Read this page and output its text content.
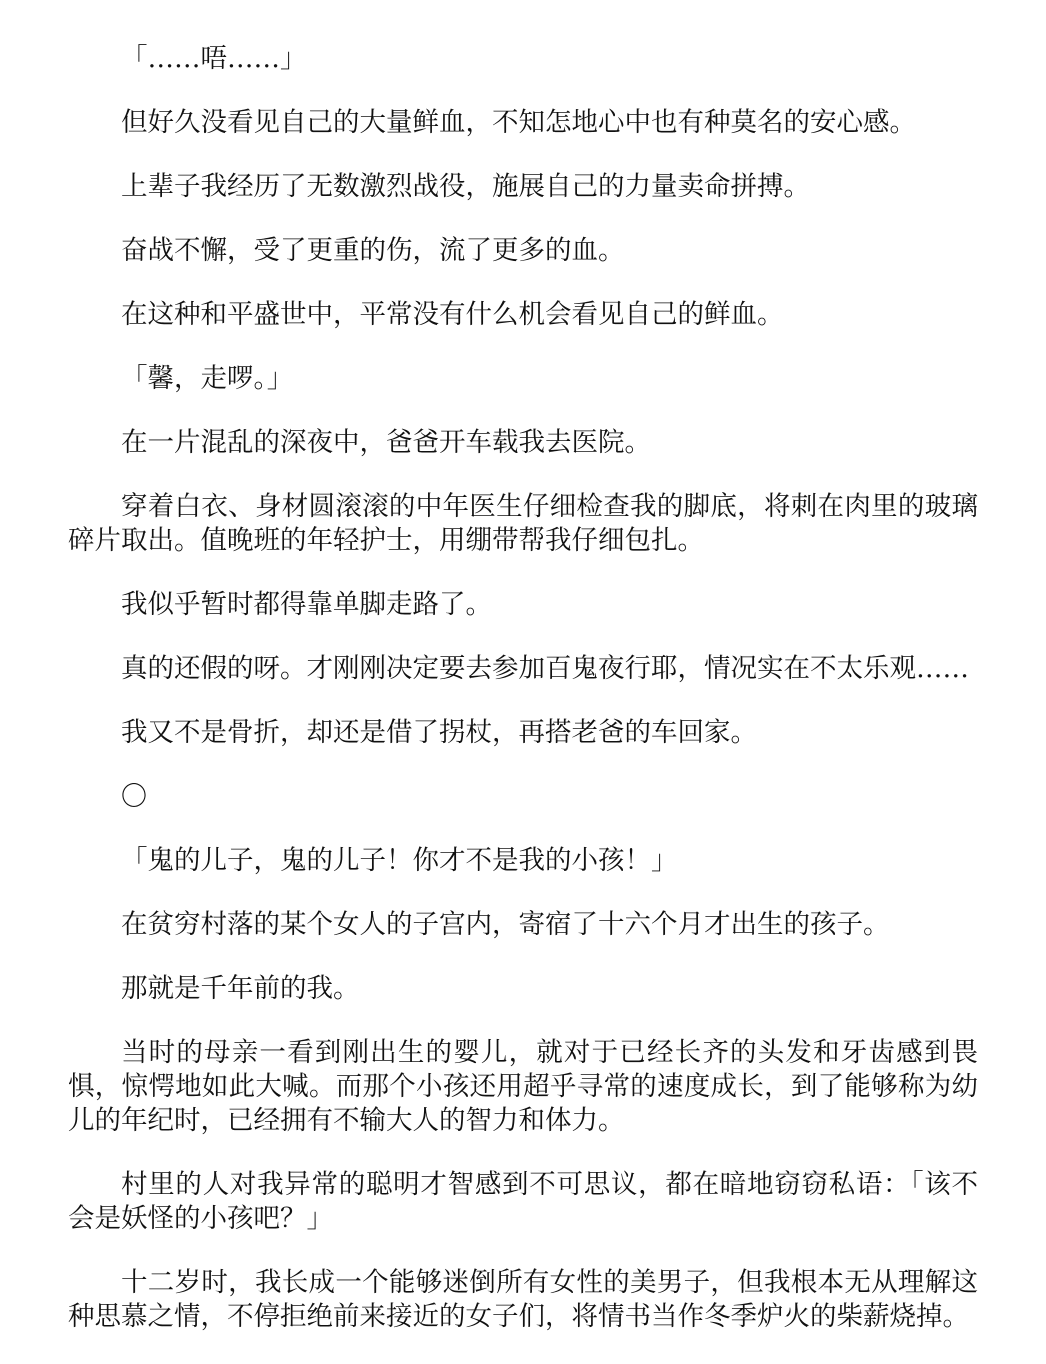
「……唔……」

但好久没看见自己的大量鲜血，不知怎地心中也有种莫名的安心感。

上辈子我经历了无数激烈战役，施展自己的力量卖命拼搏。

奋战不懈，受了更重的伤，流了更多的血。

在这种和平盛世中，平常没有什么机会看见自己的鲜血。

「馨，走啰。」

在一片混乱的深夜中，爸爸开车载我去医院。

穿着白衣、身材圆滚滚的中年医生仔细检查我的脚底，将刺在肉里的玻璃碎片取出。值晚班的年轻护士，用绷带帮我仔细包扎。

我似乎暂时都得靠单脚走路了。

真的还假的呀。才刚刚决定要去参加百鬼夜行耶，情况实在不太乐观……

我又不是骨折，却还是借了拐杖，再搭老爸的车回家。

〇

「鬼的儿子，鬼的儿子！你才不是我的小孩！」

在贫穷村落的某个女人的子宫内，寄宿了十六个月才出生的孩子。

那就是千年前的我。

当时的母亲一看到刚出生的婴儿，就对于已经长齐的头发和牙齿感到畏惧，惊愕地如此大喊。而那个小孩还用超乎寻常的速度成长，到了能够称为幼儿的年纪时，已经拥有不输大人的智力和体力。

村里的人对我异常的聪明才智感到不可思议，都在暗地窃窃私语：「该不会是妖怪的小孩吧？」

十二岁时，我长成一个能够迷倒所有女性的美男子，但我根本无从理解这种思慕之情，不停拒绝前来接近的女子们，将情书当作冬季炉火的柴薪烧掉。
